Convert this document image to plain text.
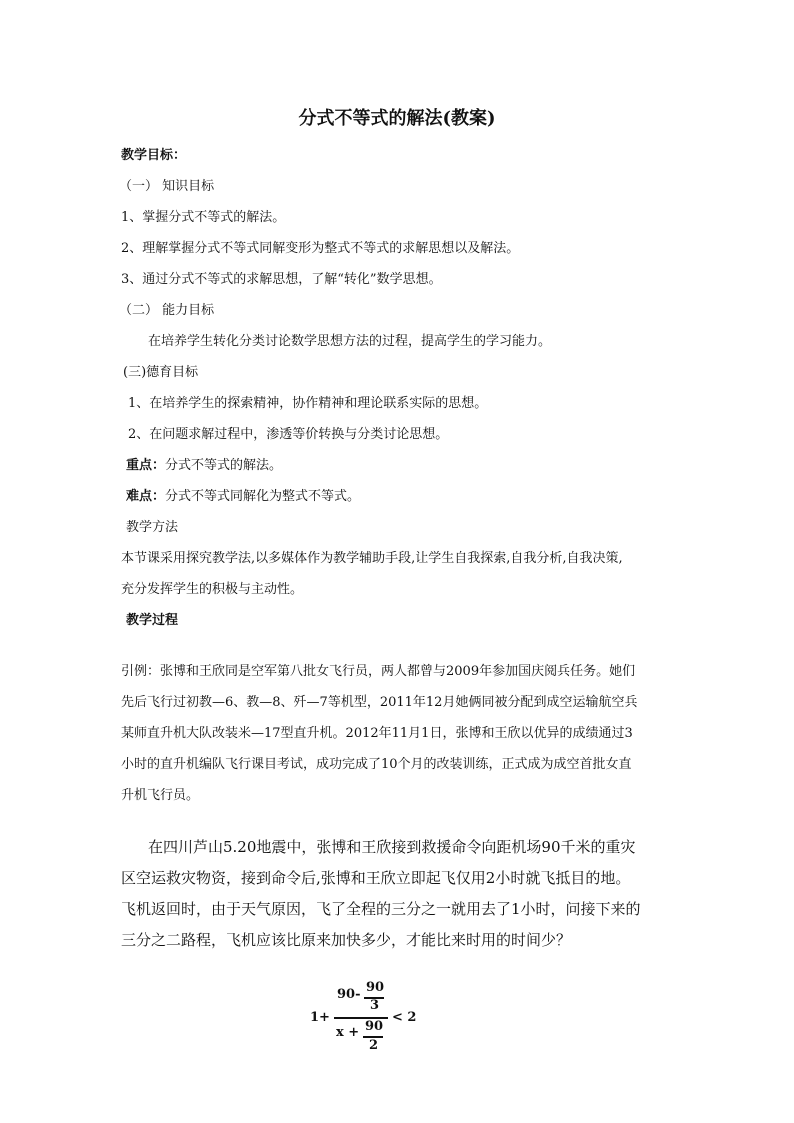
分式不等式的解法(教案)
教学目标：
（一） 知识目标
1、掌握分式不等式的解法。
2、理解掌握分式不等式同解变形为整式不等式的求解思想以及解法。
3、通过分式不等式的求解思想，了解“转化”数学思想。
（二） 能力目标
在培养学生转化分类讨论数学思想方法的过程，提高学生的学习能力。
(三)德育目标
1、在培养学生的探索精神，协作精神和理论联系实际的思想。
2、在问题求解过程中，渗透等价转换与分类讨论思想。
重点：分式不等式的解法。
难点：分式不等式同解化为整式不等式。
教学方法
本节课采用探究教学法,以多媒体作为教学辅助手段,让学生自我探索,自我分析,自我决策,
充分发挥学生的积极与主动性。
教学过程
引例：张博和王欣同是空军第八批女飞行员，两人都曾与2009年参加国庆阅兵任务。她们
先后飞行过初教—6、教—8、歼—7等机型，2011年12月她俩同被分配到成空运输航空兵
某师直升机大队改装米—17型直升机。2012年11月1日，张博和王欣以优异的成绩通过3
小时的直升机编队飞行课目考试，成功完成了10个月的改装训练，正式成为成空首批女直
升机飞行员。
在四川芦山5.20地震中，张博和王欣接到救援命令向距机场90千米的重灾
区空运救灾物资，接到命令后,张博和王欣立即起飞仅用2小时就飞抵目的地。
飞机返回时，由于天气原因，飞了全程的三分之一就用去了1小时，问接下来的
三分之二路程，飞机应该比原来加快多少，才能比来时用的时间少？
1+
90- 90
3
x + 90
2
< 2
